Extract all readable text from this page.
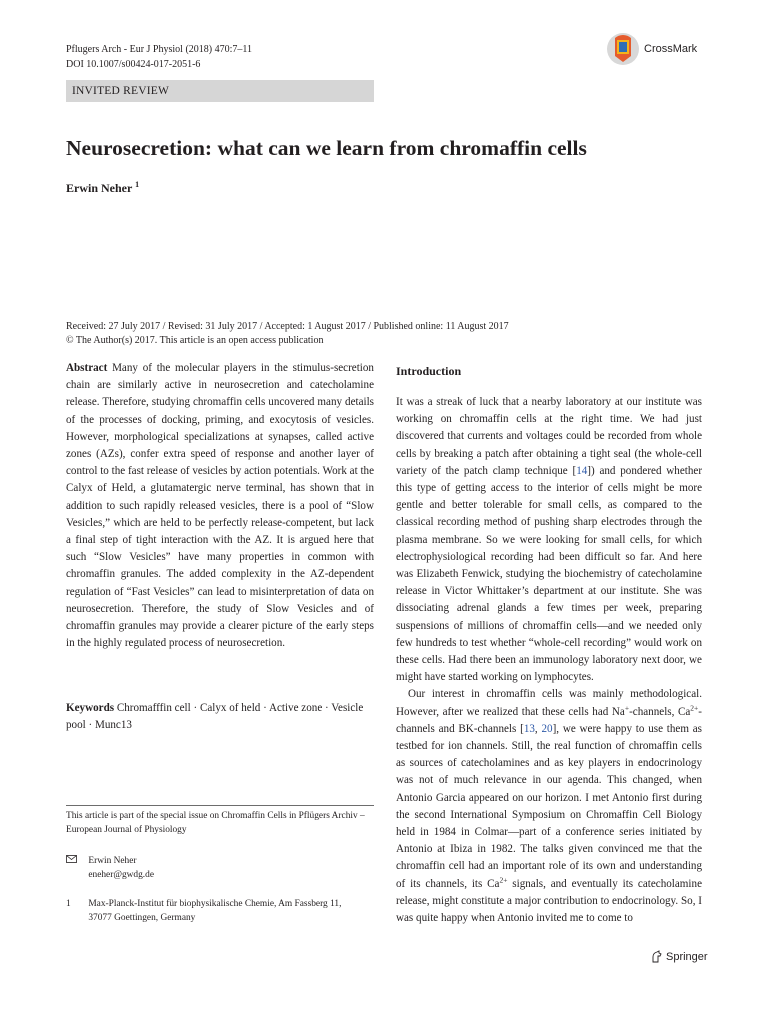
Pflugers Arch - Eur J Physiol (2018) 470:7–11
DOI 10.1007/s00424-017-2051-6
CrossMark
INVITED REVIEW
Neurosecretion: what can we learn from chromaffin cells
Erwin Neher $^1$
Received: 27 July 2017 / Revised: 31 July 2017 / Accepted: 1 August 2017 / Published online: 11 August 2017
© The Author(s) 2017. This article is an open access publication

Abstract Many of the molecular players in the stimulus-secretion chain are similarly active in neurosecretion and catecholamine release. Therefore, studying chromaffin cells uncovered many details of the processes of docking, priming, and exocytosis of vesicles. However, morphological specializations at synapses, called active zones (AZs), confer extra speed of response and another layer of control to the fast release of vesicles by action potentials. Work at the Calyx of Held, a glutamatergic nerve terminal, has shown that in addition to such rapidly released vesicles, there is a pool of “Slow Vesicles,” which are held to be perfectly release-competent, but lack a final step of tight interaction with the AZ. It is argued here that such “Slow Vesicles” have many properties in common with chromaffin granules. The added complexity in the AZ-dependent regulation of “Fast Vesicles” can lead to misinterpretation of data on neurosecretion. Therefore, the study of Slow Vesicles and of chromaffin granules may provide a clearer picture of the early steps in the highly regulated process of neurosecretion.

Keywords Chromafffin cell · Calyx of held · Active zone · Vesicle pool · Munc13
This article is part of the special issue on Chromaffin Cells in Pflügers Archiv – European Journal of Physiology

Erwin Neher
eneher@gwdg.de
1 Max-Planck-Institut für biophysikalische Chemie, Am Fassberg 11,
37077 Goettingen, Germany

Introduction

It was a streak of luck that a nearby laboratory at our institute was working on chromaffin cells at the right time. We had just discovered that currents and voltages could be recorded from whole cells by breaking a patch after obtaining a tight seal (the whole-cell variety of the patch clamp technique [14]) and pondered whether this type of getting access to the interior of cells might be more gentle and better tolerable for small cells, as compared to the classical recording method of pushing sharp electrodes through the plasma membrane. So we were looking for small cells, for which electrophysiological recording had been difficult so far. And here was Elizabeth Fenwick, studying the biochemistry of catecholamine release in Victor Whittaker’s department at our institute. She was dissociating adrenal glands a few times per week, preparing suspensions of millions of chromaffin cells—and we needed only few hundreds to test whether “whole-cell recording” would work on these cells. Had there been an immunology laboratory next door, we might have started working on lymphocytes.

Our interest in chromaffin cells was mainly methodological. However, after we realized that these cells had Na+-channels, $Ca^{2+}$-channels and BK-channels [13, 20], we were happy to use them as testbed for ion channels. Still, the real function of chromaffin cells as sources of catecholamines and as key players in endocrinology was not of much relevance in our agenda. This changed, when Antonio Garcia appeared on our horizon. I met Antonio first during the second International Symposium on Chromaffin Cell Biology held in 1984 in Colmar—part of a conference series initiated by Antonio at Ibiza in 1982. The talks given convinced me that the chromaffin cell had an important role of its own and understanding of its channels, its $Ca^{2+}$ signals, and eventually its catecholamine release, might constitute a major contribution to endocrinology. So, I was quite happy when Antonio invited me to come to

Springer
